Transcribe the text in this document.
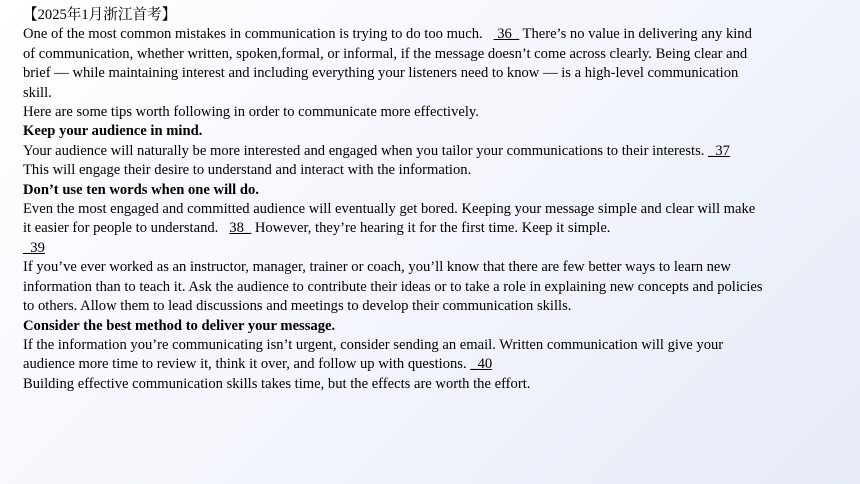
【2025年1月浙江首考】
One of the most common mistakes in communication is trying to do too much.    36_ There’s no value in delivering any kind
of communication, whether written, spoken,formal, or informal, if the message doesn’t come across clearly. Being clear and
brief — while maintaining interest and including everything your listeners need to know — is a high-level communication
skill.
Here are some tips worth following in order to communicate more effectively.
Keep your audience in mind.
Your audience will naturally be more interested and engaged when you tailor your communications to their interests. _37
This will engage their desire to understand and interact with the information.
Don’t use ten words when one will do.
Even the most engaged and committed audience will eventually get bored. Keeping your message simple and clear will make
it easier for people to understand.   38_ However, they’re hearing it for the first time. Keep it simple.
_39
If you’ve ever worked as an instructor, manager, trainer or coach, you’ll know that there are few better ways to learn new
information than to teach it. Ask the audience to contribute their ideas or to take a role in explaining new concepts and policies
to others. Allow them to lead discussions and meetings to develop their communication skills.
Consider the best method to deliver your message.
If the information you’re communicating isn’t urgent, consider sending an email. Written communication will give your
audience more time to review it, think it over, and follow up with questions. _40
Building effective communication skills takes time, but the effects are worth the effort.
